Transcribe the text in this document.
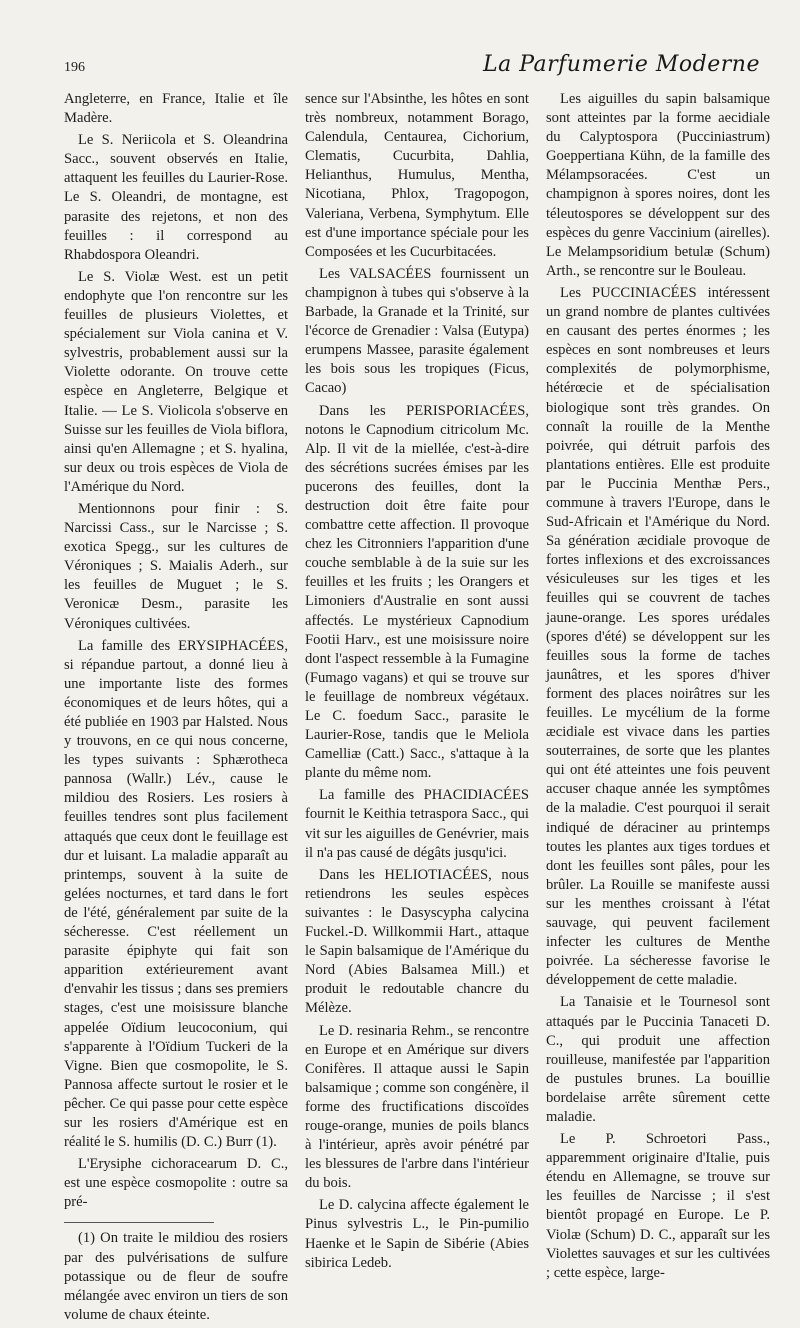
196	La Parfumerie Moderne

Angleterre, en France, Italie et île Madère.

Le S. Neriicola et S. Oleandrina Sacc., souvent observés en Italie, attaquent les feuilles du Laurier-Rose. Le S. Oleandri, de montagne, est parasite des rejetons, et non des feuilles : il correspond au Rhabdospora Oleandri.

Le S. Violæ West. est un petit endophyte que l'on rencontre sur les feuilles de plusieurs Violettes, et spécialement sur Viola canina et V. sylvestris, probablement aussi sur la Violette odorante. On trouve cette espèce en Angleterre, Belgique et Italie. — Le S. Violicola s'observe en Suisse sur les feuilles de Viola biflora, ainsi qu'en Allemagne ; et S. hyalina, sur deux ou trois espèces de Viola de l'Amérique du Nord.

Mentionnons pour finir : S. Narcissi Cass., sur le Narcisse ; S. exotica Spegg., sur les cultures de Véroniques ; S. Maialis Aderh., sur les feuilles de Muguet ; le S. Veronicæ Desm., parasite les Véroniques cultivées.

La famille des ERYSIPHACÉES, si répandue partout, a donné lieu à une importante liste des formes économiques et de leurs hôtes, qui a été publiée en 1903 par Halsted. Nous y trouvons, en ce qui nous concerne, les types suivants : Sphærotheca pannosa (Wallr.) Lév., cause le mildiou des Rosiers. Les rosiers à feuilles tendres sont plus facilement attaqués que ceux dont le feuillage est dur et luisant. La maladie apparaît au printemps, souvent à la suite de gelées nocturnes, et tard dans le fort de l'été, généralement par suite de la sécheresse. C'est réellement un parasite épiphyte qui fait son apparition extérieurement avant d'envahir les tissus ; dans ses premiers stages, c'est une moisissure blanche appelée Oïdium leucoconium, qui s'apparente à l'Oïdium Tuckeri de la Vigne. Bien que cosmopolite, le S. Pannosa affecte surtout le rosier et le pêcher. Ce qui passe pour cette espèce sur les rosiers d'Amérique est en réalité le S. humilis (D. C.) Burr (1).

L'Erysiphe cichoracearum D. C., est une espèce cosmopolite : outre sa pré-

(1) On traite le mildiou des rosiers par des pulvérisations de sulfure potassique ou de fleur de soufre mélangée avec environ un tiers de son volume de chaux éteinte.

sence sur l'Absinthe, les hôtes en sont très nombreux, notamment Borago, Calendula, Centaurea, Cichorium, Clematis, Cucurbita, Dahlia, Helianthus, Humulus, Mentha, Nicotiana, Phlox, Tragopogon, Valeriana, Verbena, Symphytum. Elle est d'une importance spéciale pour les Composées et les Cucurbitacées.

Les VALSACÉES fournissent un champignon à tubes qui s'observe à la Barbade, la Granade et la Trinité, sur l'écorce de Grenadier : Valsa (Eutypa) erumpens Massee, parasite également les bois sous les tropiques (Ficus, Cacao)

Dans les PERISPORIACÉES, notons le Capnodium citricolum Mc. Alp. Il vit de la miellée, c'est-à-dire des sécrétions sucrées émises par les pucerons des feuilles, dont la destruction doit être faite pour combattre cette affection. Il provoque chez les Citronniers l'apparition d'une couche semblable à de la suie sur les feuilles et les fruits ; les Orangers et Limoniers d'Australie en sont aussi affectés. Le mystérieux Capnodium Footii Harv., est une moisissure noire dont l'aspect ressemble à la Fumagine (Fumago vagans) et qui se trouve sur le feuillage de nombreux végétaux. Le C. foedum Sacc., parasite le Laurier-Rose, tandis que le Meliola Camelliæ (Catt.) Sacc., s'attaque à la plante du même nom.

La famille des PHACIDIACÉES fournit le Keithia tetraspora Sacc., qui vit sur les aiguilles de Genévrier, mais il n'a pas causé de dégâts jusqu'ici.

Dans les HELIOTIACÉES, nous retiendrons les seules espèces suivantes : le Dasyscypha calycina Fuckel.-D. Willkommii Hart., attaque le Sapin balsamique de l'Amérique du Nord (Abies Balsamea Mill.) et produit le redoutable chancre du Mélèze.

Le D. resinaria Rehm., se rencontre en Europe et en Amérique sur divers Conifères. Il attaque aussi le Sapin balsamique ; comme son congénère, il forme des fructifications discoïdes rouge-orange, munies de poils blancs à l'intérieur, après avoir pénétré par les blessures de l'arbre dans l'intérieur du bois.

Le D. calycina affecte également le Pinus sylvestris L., le Pin-pumilio Haenke et le Sapin de Sibérie (Abies sibirica Ledeb.

Les aiguilles du sapin balsamique sont atteintes par la forme aecidiale du Calyptospora (Pucciniastrum) Goeppertiana Kühn, de la famille des Mélampsoracées. C'est un champignon à spores noires, dont les téleutospores se développent sur des espèces du genre Vaccinium (airelles). Le Melampsoridium betulæ (Schum) Arth., se rencontre sur le Bouleau.

Les PUCCINIACÉES intéressent un grand nombre de plantes cultivées en causant des pertes énormes ; les espèces en sont nombreuses et leurs complexités de polymorphisme, hétérœcie et de spécialisation biologique sont très grandes. On connaît la rouille de la Menthe poivrée, qui détruit parfois des plantations entières. Elle est produite par le Puccinia Menthæ Pers., commune à travers l'Europe, dans le Sud-Africain et l'Amérique du Nord. Sa génération æcidiale provoque de fortes inflexions et des excroissances vésiculeuses sur les tiges et les feuilles qui se couvrent de taches jaune-orange. Les spores urédales (spores d'été) se développent sur les feuilles sous la forme de taches jaunâtres, et les spores d'hiver forment des places noirâtres sur les feuilles. Le mycélium de la forme æcidiale est vivace dans les parties souterraines, de sorte que les plantes qui ont été atteintes une fois peuvent accuser chaque année les symptômes de la maladie. C'est pourquoi il serait indiqué de déraciner au printemps toutes les plantes aux tiges tordues et dont les feuilles sont pâles, pour les brûler. La Rouille se manifeste aussi sur les menthes croissant à l'état sauvage, qui peuvent facilement infecter les cultures de Menthe poivrée. La sécheresse favorise le développement de cette maladie.

La Tanaisie et le Tournesol sont attaqués par le Puccinia Tanaceti D. C., qui produit une affection rouilleuse, manifestée par l'apparition de pustules brunes. La bouillie bordelaise arrête sûrement cette maladie.

Le P. Schroetori Pass., apparemment originaire d'Italie, puis étendu en Allemagne, se trouve sur les feuilles de Narcisse ; il s'est bientôt propagé en Europe. Le P. Violæ (Schum) D. C., apparaît sur les Violettes sauvages et sur les cultivées ; cette espèce, large-
